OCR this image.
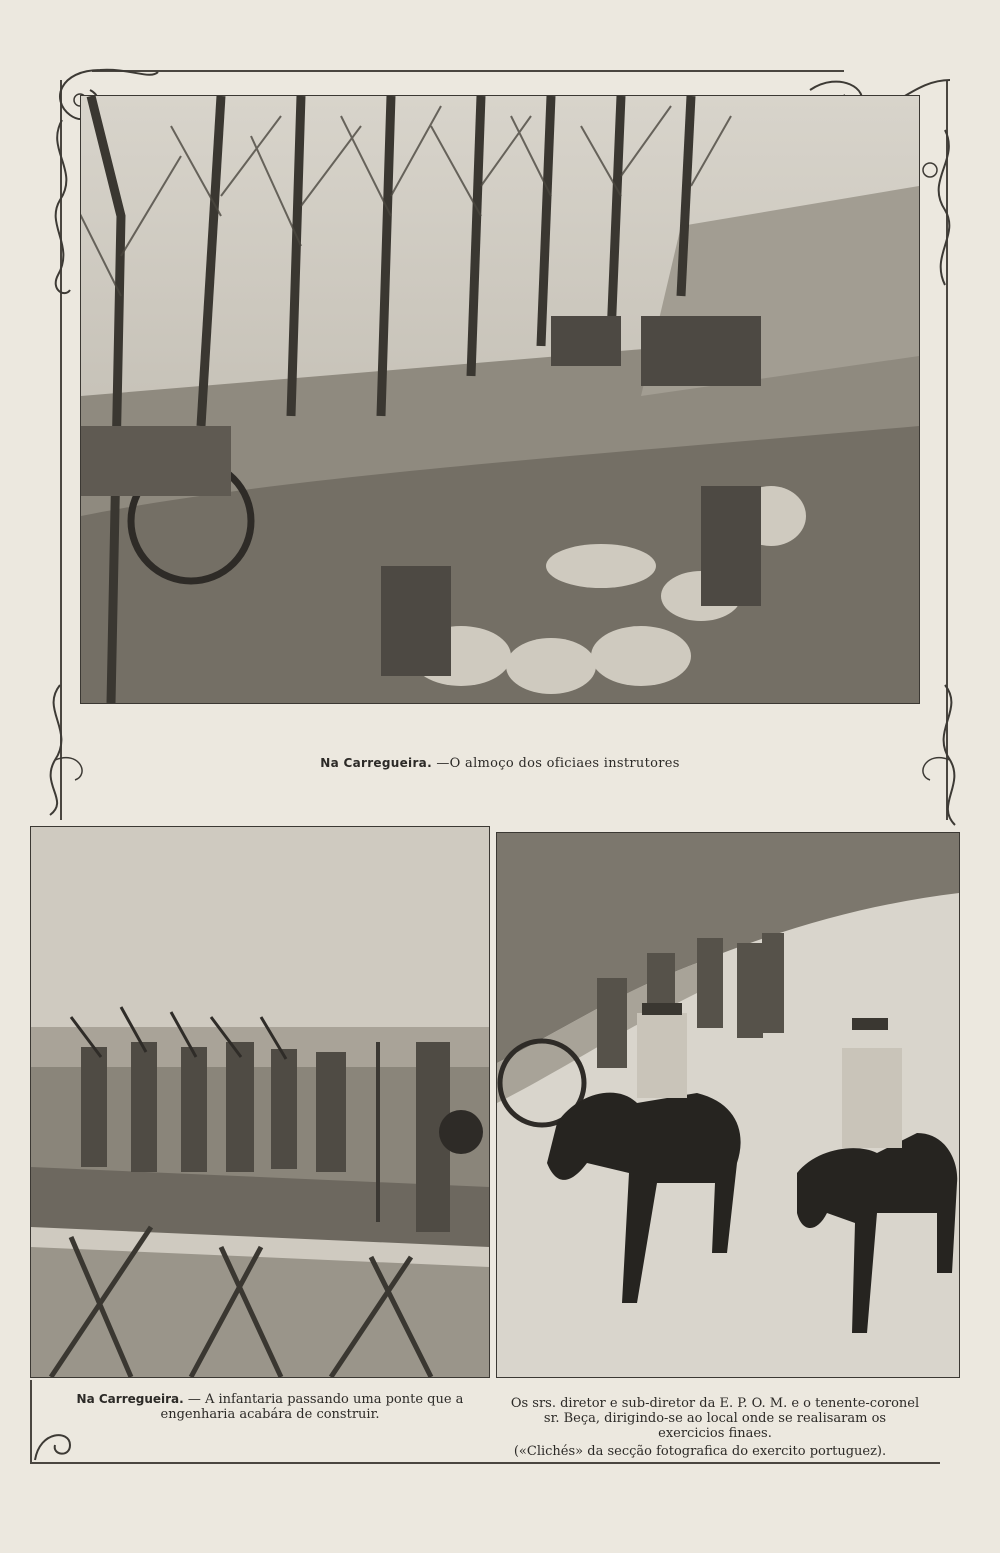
Na Carregueira. —O almoço dos oficiaes instrutores
Na Carregueira. — A infantaria passando uma ponte que a engenharia acabára de construir.
Os srs. diretor e sub-diretor da E. P. O. M. e o tenente-coronel sr. Beça, dirigindo-se ao local onde se realisaram os exercicios finaes.
(«Clichés» da secção fotografica do exercito portuguez).
